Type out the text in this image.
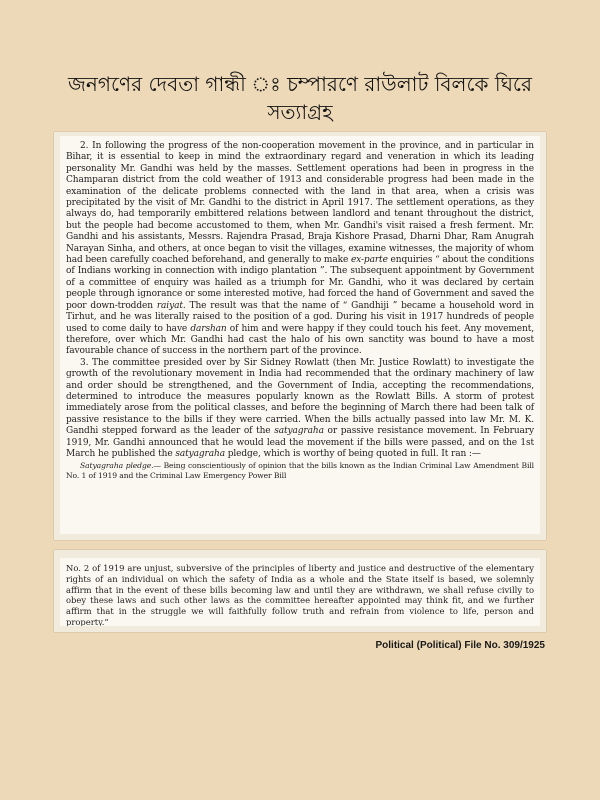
জনগণের দেবতা গান্ধী ঃ চম্পারণে রাউলাট বিলকে ঘিরে
সত্যাগ্রহ

2. In following the progress of the non-cooperation movement in the province, and in particular in Bihar, it is essential to keep in mind the extraordinary regard and veneration in which its leading personality Mr. Gandhi was held by the masses. Settlement operations had been in progress in the Champaran district from the cold weather of 1913 and considerable progress had been made in the examination of the delicate problems connected with the land in that area, when a crisis was precipitated by the visit of Mr. Gandhi to the district in April 1917. The settlement operations, as they always do, had temporarily embittered relations between landlord and tenant throughout the district, but the people had become accustomed to them, when Mr. Gandhi's visit raised a fresh ferment. Mr. Gandhi and his assistants, Messrs. Rajendra Prasad, Braja Kishore Prasad, Dharni Dhar, Ram Anugrah Narayan Sinha, and others, at once began to visit the villages, examine witnesses, the majority of whom had been carefully coached beforehand, and generally to make ex-parte enquiries “ about the conditions of Indians working in connection with indigo plantation ”. The subsequent appointment by Government of a committee of enquiry was hailed as a triumph for Mr. Gandhi, who it was declared by certain people through ignorance or some interested motive, had forced the hand of Government and saved the poor down-trodden raiyat. The result was that the name of “ Gandhiji ” became a household word in Tirhut, and he was literally raised to the position of a god. During his visit in 1917 hundreds of people used to come daily to have darshan of him and were happy if they could touch his feet. Any movement, therefore, over which Mr. Gandhi had cast the halo of his own sanctity was bound to have a most favourable chance of success in the northern part of the province.

3. The committee presided over by Sir Sidney Rowlatt (then Mr. Justice Rowlatt) to investigate the growth of the revolutionary movement in India had recommended that the ordinary machinery of law and order should be strengthened, and the Government of India, accepting the recommendations, determined to introduce the measures popularly known as the Rowlatt Bills. A storm of protest immediately arose from the political classes, and before the beginning of March there had been talk of passive resistance to the bills if they were carried. When the bills actually passed into law Mr. M. K. Gandhi stepped forward as the leader of the satyagraha or passive resistance movement. In February 1919, Mr. Gandhi announced that he would lead the movement if the bills were passed, and on the 1st March he published the satyagraha pledge, which is worthy of being quoted in full. It ran :—

Satyagraha pledge.— Being conscientiously of opinion that the bills known as the Indian Criminal Law Amendment Bill No. 1 of 1919 and the Criminal Law Emergency Power Bill
No. 2 of 1919 are unjust, subversive of the principles of liberty and justice and destructive of the elementary rights of an individual on which the safety of India as a whole and the State itself is based, we solemnly affirm that in the event of these bills becoming law and until they are withdrawn, we shall refuse civilly to obey these laws and such other laws as the committee hereafter appointed may think fit, and we further affirm that in the struggle we will faithfully follow truth and refrain from violence to life, person and property.”
Political (Political) File No. 309/1925
